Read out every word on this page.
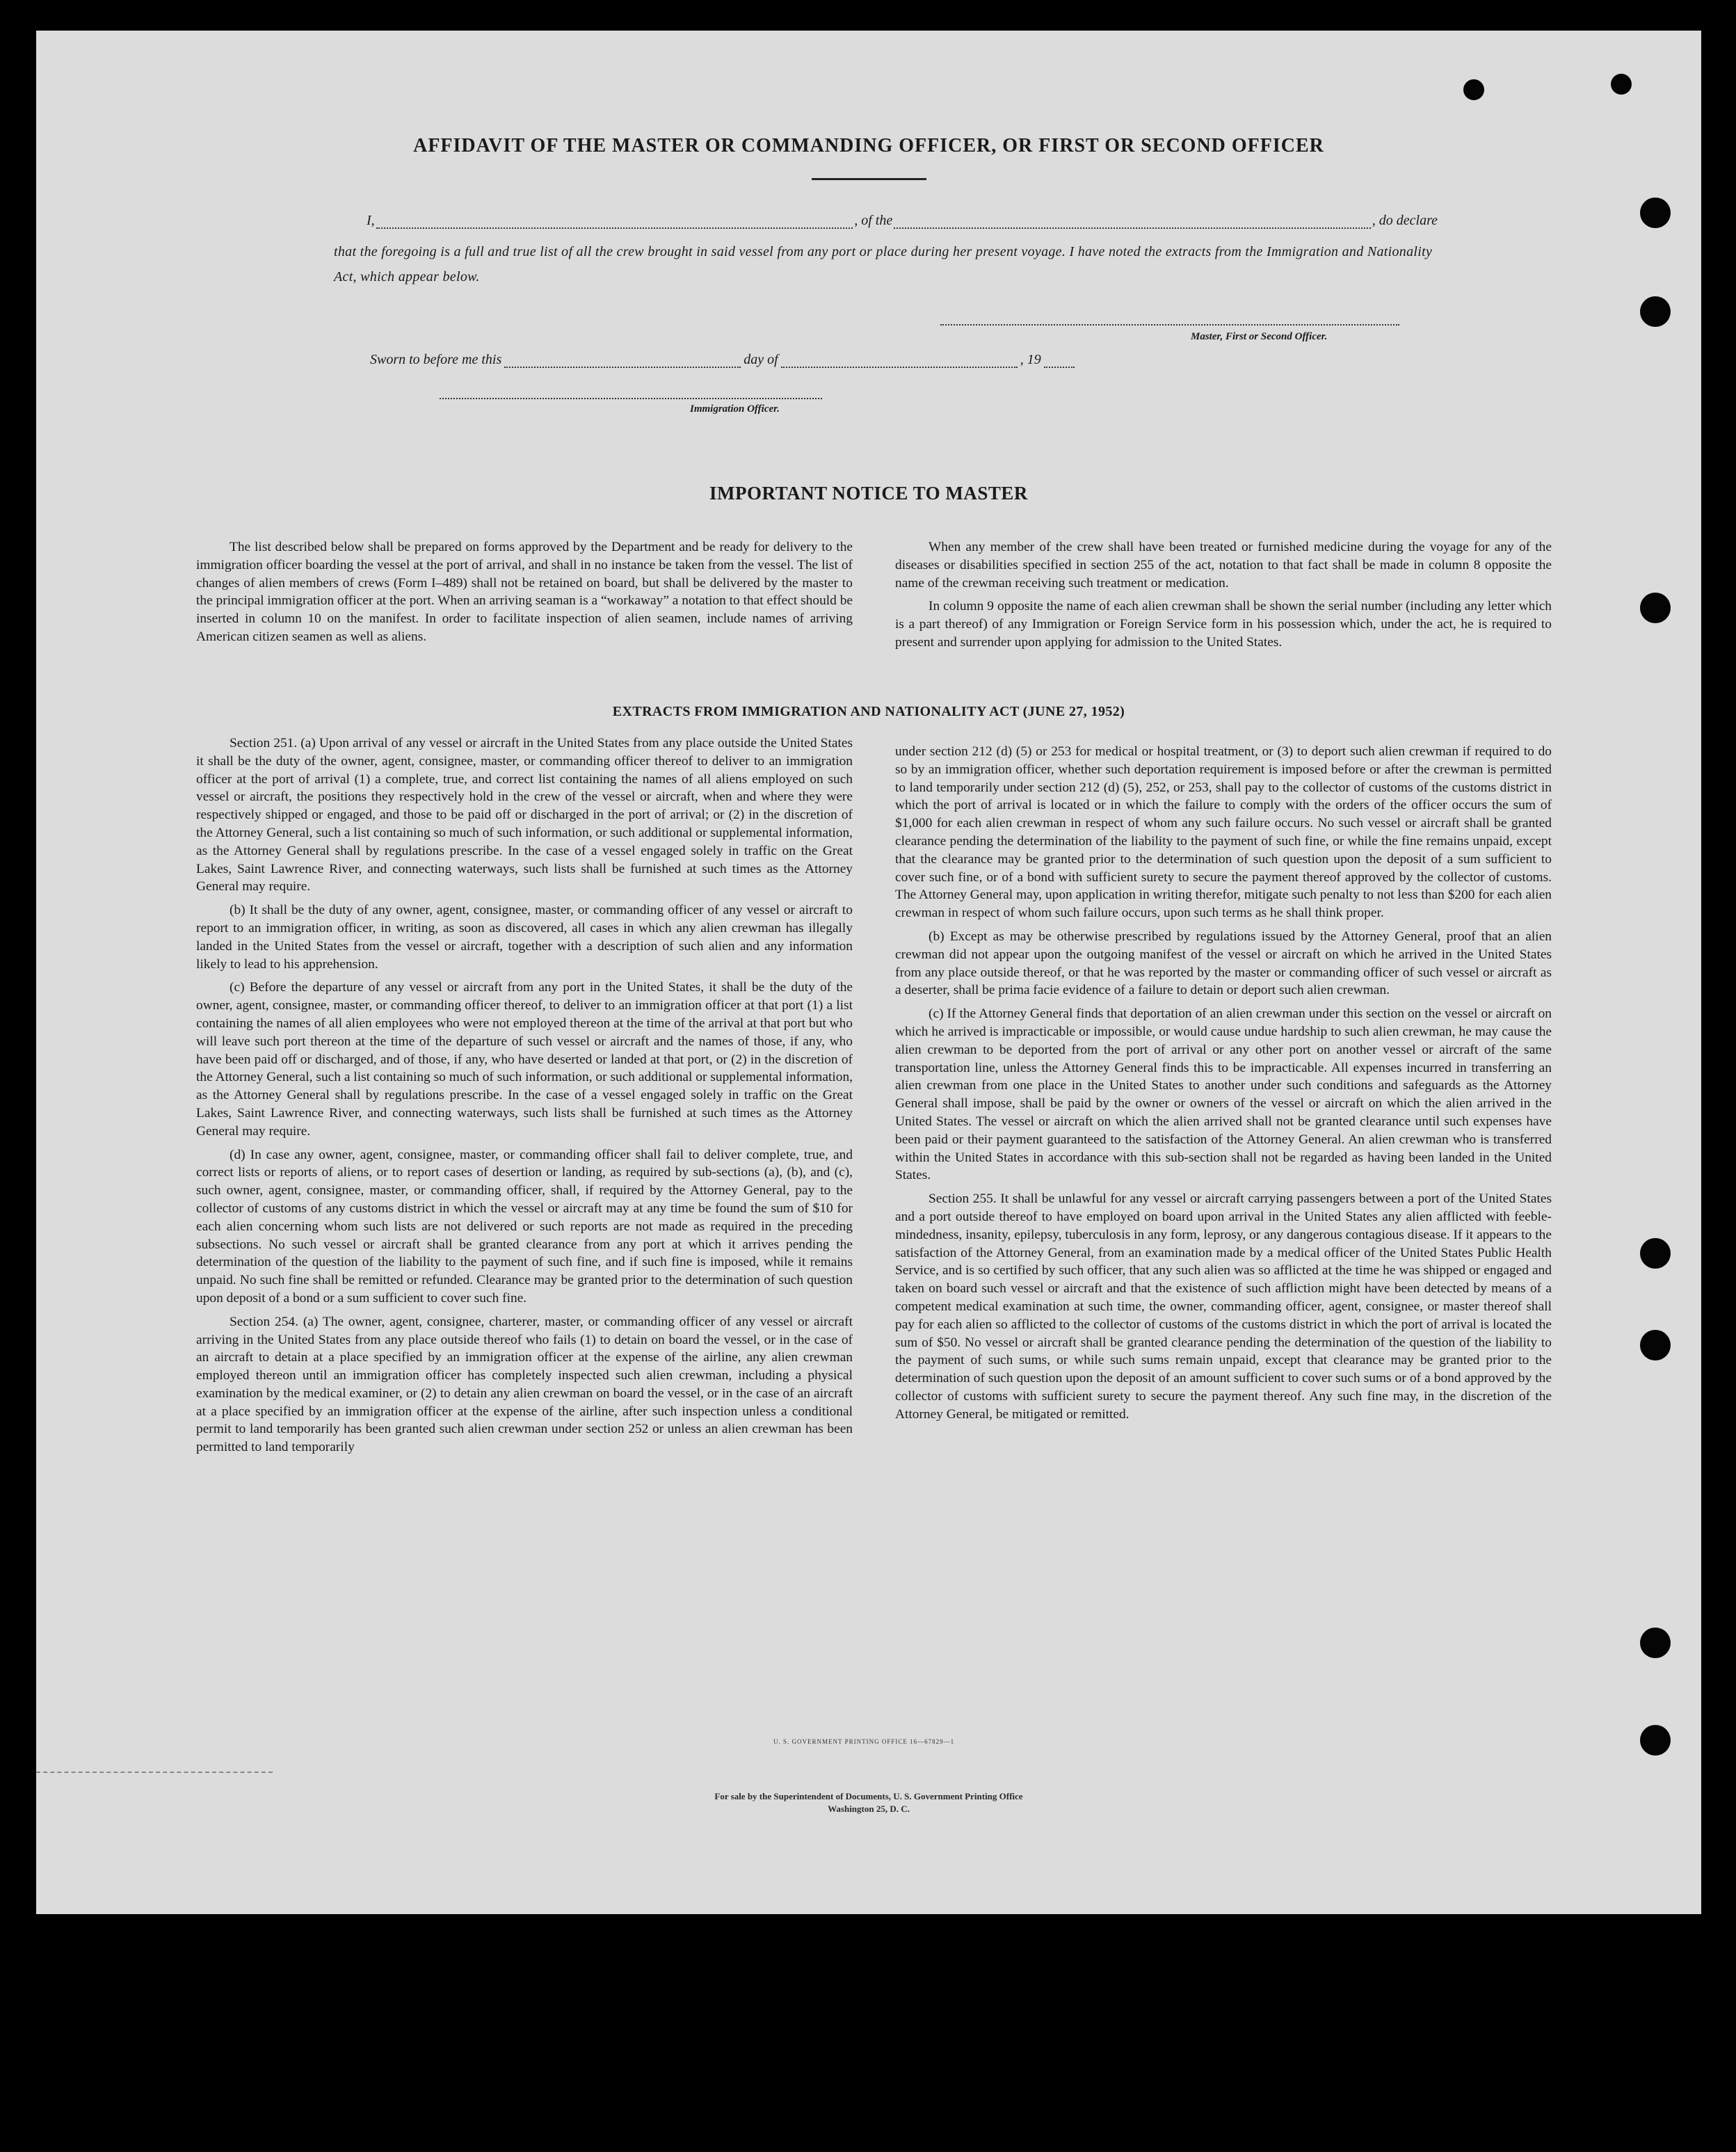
AFFIDAVIT OF THE MASTER OR COMMANDING OFFICER, OR FIRST OR SECOND OFFICER
I,	, of the	, do declare
that the foregoing is a full and true list of all the crew brought in said vessel from any port or place during her present voyage. I have noted the extracts from the Immigration and Nationality Act, which appear below.
Master, First or Second Officer.
Sworn to before me this	day of	, 19
Immigration Officer.
IMPORTANT NOTICE TO MASTER

The list described below shall be prepared on forms approved by the Department and be ready for delivery to the immigration officer boarding the vessel at the port of arrival, and shall in no instance be taken from the vessel. The list of changes of alien members of crews (Form I–489) shall not be retained on board, but shall be delivered by the master to the principal immigration officer at the port. When an arriving seaman is a “workaway” a notation to that effect should be inserted in column 10 on the manifest. In order to facilitate inspection of alien seamen, include names of arriving American citizen seamen as well as aliens.

When any member of the crew shall have been treated or furnished medicine during the voyage for any of the diseases or disabilities specified in section 255 of the act, notation to that fact shall be made in column 8 opposite the name of the crewman receiving such treatment or medication.

In column 9 opposite the name of each alien crewman shall be shown the serial number (including any letter which is a part thereof) of any Immigration or Foreign Service form in his possession which, under the act, he is required to present and surrender upon applying for admission to the United States.

EXTRACTS FROM IMMIGRATION AND NATIONALITY ACT (JUNE 27, 1952)

Section 251. (a) Upon arrival of any vessel or aircraft in the United States from any place outside the United States it shall be the duty of the owner, agent, consignee, master, or commanding officer thereof to deliver to an immigration officer at the port of arrival (1) a complete, true, and correct list containing the names of all aliens employed on such vessel or aircraft, the positions they respectively hold in the crew of the vessel or aircraft, when and where they were respectively shipped or engaged, and those to be paid off or discharged in the port of arrival; or (2) in the discretion of the Attorney General, such a list containing so much of such information, or such additional or supplemental information, as the Attorney General shall by regulations prescribe. In the case of a vessel engaged solely in traffic on the Great Lakes, Saint Lawrence River, and connecting waterways, such lists shall be furnished at such times as the Attorney General may require.

(b) It shall be the duty of any owner, agent, consignee, master, or commanding officer of any vessel or aircraft to report to an immigration officer, in writing, as soon as discovered, all cases in which any alien crewman has illegally landed in the United States from the vessel or aircraft, together with a description of such alien and any information likely to lead to his apprehension.

(c) Before the departure of any vessel or aircraft from any port in the United States, it shall be the duty of the owner, agent, consignee, master, or commanding officer thereof, to deliver to an immigration officer at that port (1) a list containing the names of all alien employees who were not employed thereon at the time of the arrival at that port but who will leave such port thereon at the time of the departure of such vessel or aircraft and the names of those, if any, who have been paid off or discharged, and of those, if any, who have deserted or landed at that port, or (2) in the discretion of the Attorney General, such a list containing so much of such information, or such additional or supplemental information, as the Attorney General shall by regulations prescribe. In the case of a vessel engaged solely in traffic on the Great Lakes, Saint Lawrence River, and connecting waterways, such lists shall be furnished at such times as the Attorney General may require.

(d) In case any owner, agent, consignee, master, or commanding officer shall fail to deliver complete, true, and correct lists or reports of aliens, or to report cases of desertion or landing, as required by sub-sections (a), (b), and (c), such owner, agent, consignee, master, or commanding officer, shall, if required by the Attorney General, pay to the collector of customs of any customs district in which the vessel or aircraft may at any time be found the sum of $10 for each alien concerning whom such lists are not delivered or such reports are not made as required in the preceding subsections. No such vessel or aircraft shall be granted clearance from any port at which it arrives pending the determination of the question of the liability to the payment of such fine, and if such fine is imposed, while it remains unpaid. No such fine shall be remitted or refunded. Clearance may be granted prior to the determination of such question upon deposit of a bond or a sum sufficient to cover such fine.

Section 254. (a) The owner, agent, consignee, charterer, master, or commanding officer of any vessel or aircraft arriving in the United States from any place outside thereof who fails (1) to detain on board the vessel, or in the case of an aircraft to detain at a place specified by an immigration officer at the expense of the airline, any alien crewman employed thereon until an immigration officer has completely inspected such alien crewman, including a physical examination by the medical examiner, or (2) to detain any alien crewman on board the vessel, or in the case of an aircraft at a place specified by an immigration officer at the expense of the airline, after such inspection unless a conditional permit to land temporarily has been granted such alien crewman under section 252 or unless an alien crewman has been permitted to land temporarily

under section 212 (d) (5) or 253 for medical or hospital treatment, or (3) to deport such alien crewman if required to do so by an immigration officer, whether such deportation requirement is imposed before or after the crewman is permitted to land temporarily under section 212 (d) (5), 252, or 253, shall pay to the collector of customs of the customs district in which the port of arrival is located or in which the failure to comply with the orders of the officer occurs the sum of $1,000 for each alien crewman in respect of whom any such failure occurs. No such vessel or aircraft shall be granted clearance pending the determination of the liability to the payment of such fine, or while the fine remains unpaid, except that the clearance may be granted prior to the determination of such question upon the deposit of a sum sufficient to cover such fine, or of a bond with sufficient surety to secure the payment thereof approved by the collector of customs. The Attorney General may, upon application in writing therefor, mitigate such penalty to not less than $200 for each alien crewman in respect of whom such failure occurs, upon such terms as he shall think proper.

(b) Except as may be otherwise prescribed by regulations issued by the Attorney General, proof that an alien crewman did not appear upon the outgoing manifest of the vessel or aircraft on which he arrived in the United States from any place outside thereof, or that he was reported by the master or commanding officer of such vessel or aircraft as a deserter, shall be prima facie evidence of a failure to detain or deport such alien crewman.

(c) If the Attorney General finds that deportation of an alien crewman under this section on the vessel or aircraft on which he arrived is impracticable or impossible, or would cause undue hardship to such alien crewman, he may cause the alien crewman to be deported from the port of arrival or any other port on another vessel or aircraft of the same transportation line, unless the Attorney General finds this to be impracticable. All expenses incurred in transferring an alien crewman from one place in the United States to another under such conditions and safeguards as the Attorney General shall impose, shall be paid by the owner or owners of the vessel or aircraft on which the alien arrived in the United States. The vessel or aircraft on which the alien arrived shall not be granted clearance until such expenses have been paid or their payment guaranteed to the satisfaction of the Attorney General. An alien crewman who is transferred within the United States in accordance with this sub-section shall not be regarded as having been landed in the United States.

Section 255. It shall be unlawful for any vessel or aircraft carrying passengers between a port of the United States and a port outside thereof to have employed on board upon arrival in the United States any alien afflicted with feeble-mindedness, insanity, epilepsy, tuberculosis in any form, leprosy, or any dangerous contagious disease. If it appears to the satisfaction of the Attorney General, from an examination made by a medical officer of the United States Public Health Service, and is so certified by such officer, that any such alien was so afflicted at the time he was shipped or engaged and taken on board such vessel or aircraft and that the existence of such affliction might have been detected by means of a competent medical examination at such time, the owner, commanding officer, agent, consignee, or master thereof shall pay for each alien so afflicted to the collector of customs of the customs district in which the port of arrival is located the sum of $50. No vessel or aircraft shall be granted clearance pending the determination of the question of the liability to the payment of such sums, or while such sums remain unpaid, except that clearance may be granted prior to the determination of such question upon the deposit of an amount sufficient to cover such sums or of a bond approved by the collector of customs with sufficient surety to secure the payment thereof. Any such fine may, in the discretion of the Attorney General, be mitigated or remitted.

U. S. GOVERNMENT PRINTING OFFICE 16—67829—1
For sale by the Superintendent of Documents, U. S. Government Printing Office
Washington 25, D. C.
